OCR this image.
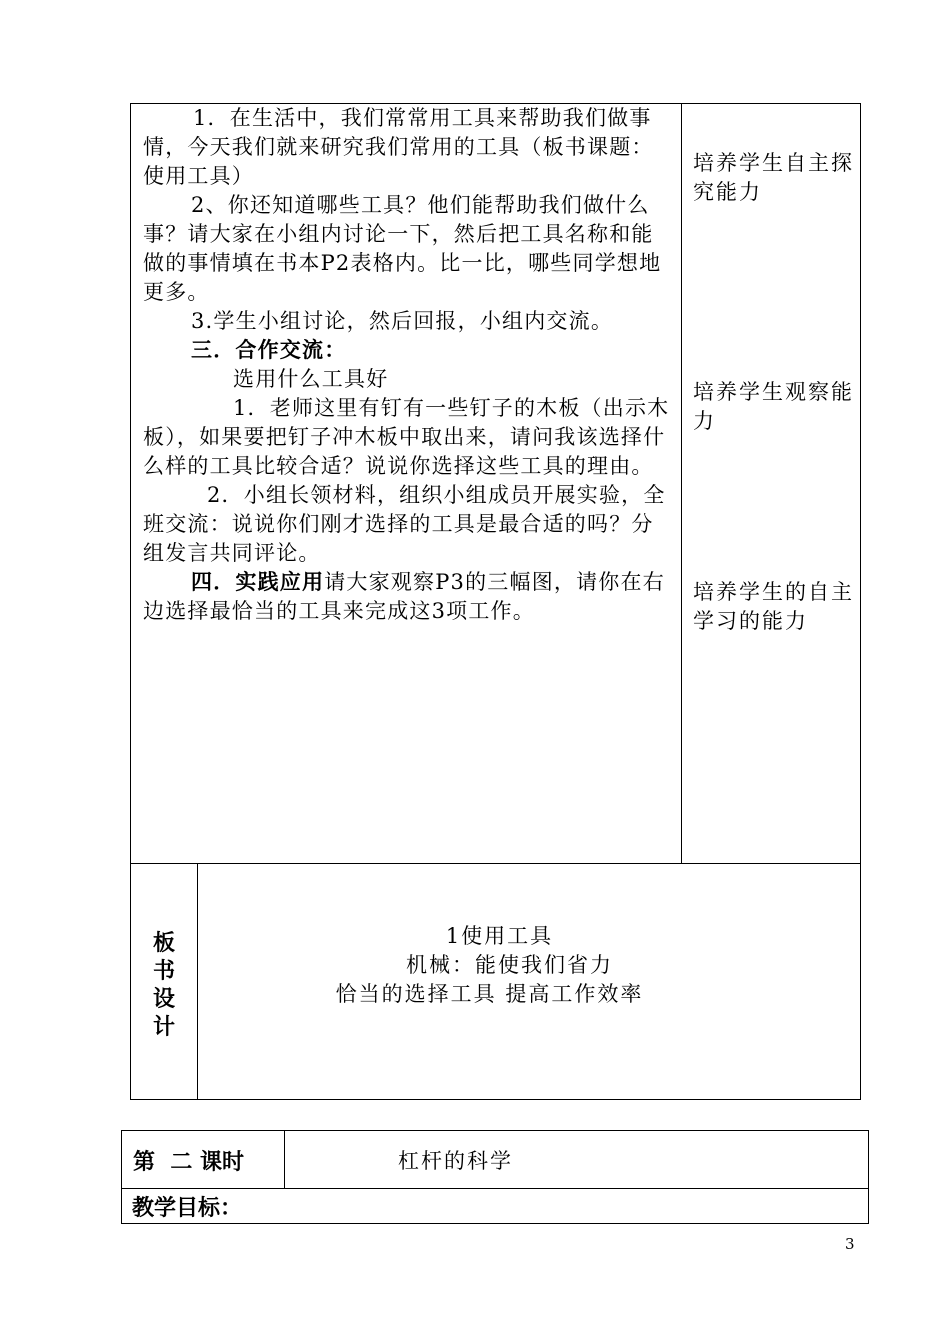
1．在生活中，我们常常用工具来帮助我们做事情，今天我们就来研究我们常用的工具（板书课题：使用工具）

2、你还知道哪些工具？他们能帮助我们做什么事？请大家在小组内讨论一下，然后把工具名称和能做的事情填在书本P2表格内。比一比，哪些同学想地更多。

3.学生小组讨论，然后回报，小组内交流。

三．合作交流：

选用什么工具好

1．老师这里有钉有一些钉子的木板（出示木板），如果要把钉子冲木板中取出来，请问我该选择什么样的工具比较合适？说说你选择这些工具的理由。

2．小组长领材料，组织小组成员开展实验，全班交流：说说你们刚才选择的工具是最合适的吗？分组发言共同评论。

四．实践应用请大家观察P3的三幅图，请你在右边选择最恰当的工具来完成这3项工作。

培养学生自主探究能力
培养学生观察能力
培养学生的自主学习的能力
板
书
设
计
1使用工具
机械：能使我们省力
恰当的选择工具 提高工作效率
第  二 课时	杠杆的科学
教学目标：
3
